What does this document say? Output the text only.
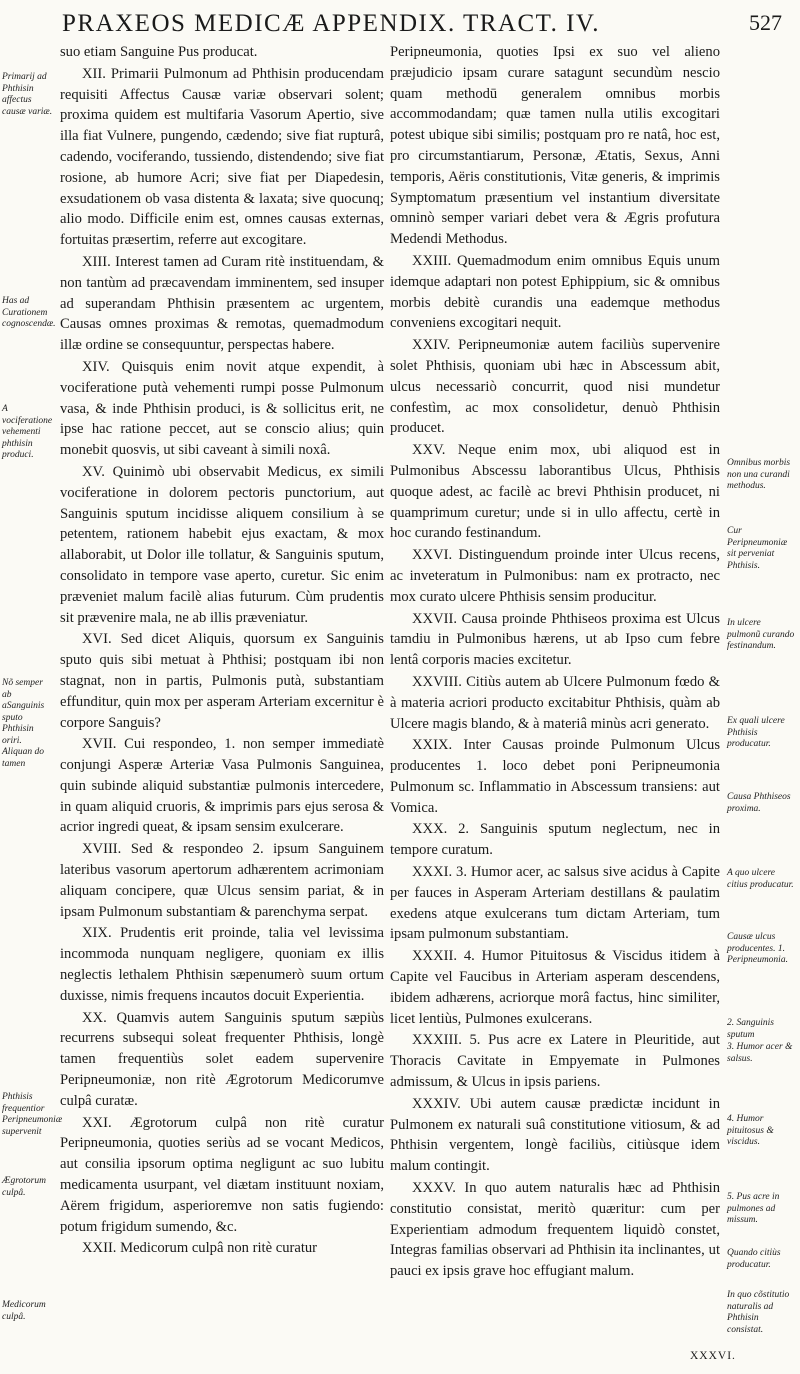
PRAXEOS MEDICÆ APPENDIX. TRACT. IV.	527
Primarij ad Phthisin affectus causæ variæ.
Has ad Curationem cognoscendæ.
A vociferatione vehementi phthisin produci.
Nõ semper ab aSanguinis sputo Phthisin oriri. Aliquan do tamen
Phthisis frequentior Peripneumoniæ supervenit
Ægrotorum culpâ.
Medicorum culpâ.

suo etiam Sanguine Pus producat.

XII. Primarii Pulmonum ad Phthisin producendam requisiti Affectus Causæ variæ observari solent; proxima quidem est multifaria Vasorum Apertio, sive illa fiat Vulnere, pungendo, cædendo; sive fiat rupturâ, cadendo, vociferando, tussiendo, distendendo; sive fiat rosione, ab humore Acri; sive fiat per Diapedesin, exsudationem ob vasa distenta & laxata; sive quocunq; alio modo. Difficile enim est, omnes causas externas, fortuitas præsertim, referre aut excogitare.

XIII. Interest tamen ad Curam ritè instituendam, & non tantùm ad præcavendam imminentem, sed insuper ad superandam Phthisin præsentem ac urgentem, Causas omnes proximas & remotas, quemadmodum illæ ordine se consequuntur, perspectas habere.

XIV. Quisquis enim novit atque expendit, à vociferatione putà vehementi rumpi posse Pulmonum vasa, & inde Phthisin produci, is & sollicitus erit, ne ipse hac ratione peccet, aut se conscio alius; quin monebit quosvis, ut sibi caveant à simili noxâ.

XV. Quinimò ubi observabit Medicus, ex simili vociferatione in dolorem pectoris punctorium, aut Sanguinis sputum incidisse aliquem consilium à se petentem, rationem habebit ejus exactam, & mox allaborabit, ut Dolor ille tollatur, & Sanguinis sputum, consolidato in tempore vase aperto, curetur. Sic enim præveniet malum facilè alias futurum. Cùm prudentis sit prævenire mala, ne ab illis præveniatur.

XVI. Sed dicet Aliquis, quorsum ex Sanguinis sputo quis sibi metuat à Phthisi; postquam ibi non stagnat, non in partis, Pulmonis putà, substantiam effunditur, quin mox per asperam Arteriam excernitur è corpore Sanguis?

XVII. Cui respondeo, 1. non semper immediatè conjungi Asperæ Arteriæ Vasa Pulmonis Sanguinea, quin subinde aliquid substantiæ pulmonis intercedere, in quam aliquid cruoris, & imprimis pars ejus serosa & acrior ingredi queat, & ipsam sensim exulcerare.

XVIII. Sed & respondeo 2. ipsum Sanguinem lateribus vasorum apertorum adhærentem acrimoniam aliquam concipere, quæ Ulcus sensim pariat, & in ipsam Pulmonum substantiam & parenchyma serpat.

XIX. Prudentis erit proinde, talia vel levissima incommoda nunquam negligere, quoniam ex illis neglectis lethalem Phthisin sæpenumerò suum ortum duxisse, nimis frequens incautos docuit Experientia.

XX. Quamvis autem Sanguinis sputum sæpiùs recurrens subsequi soleat frequenter Phthisis, longè tamen frequentiùs solet eadem supervenire Peripneumoniæ, non ritè Ægrotorum Medicorumve culpâ curatæ.

XXI. Ægrotorum culpâ non ritè curatur Peripneumonia, quoties seriùs ad se vocant Medicos, aut consilia ipsorum optima negligunt ac suo lubitu medicamenta usurpant, vel diætam instituunt noxiam, Aërem frigidum, asperioremve non satis fugiendo: potum frigidum sumendo, &c.

XXII. Medicorum culpâ non ritè curatur

Peripneumonia, quoties Ipsi ex suo vel alieno præjudicio ipsam curare satagunt secundùm nescio quam methodū generalem omnibus morbis accommodandam; quæ tamen nulla utilis excogitari potest ubique sibi similis; postquam pro re natâ, hoc est, pro circumstantiarum, Personæ, Ætatis, Sexus, Anni temporis, Aëris constitutionis, Vitæ generis, & imprimis Symptomatum præsentium vel instantium diversitate omninò semper variari debet vera & Ægris profutura Medendi Methodus.

XXIII. Quemadmodum enim omnibus Equis unum idemque adaptari non potest Ephippium, sic & omnibus morbis debitè curandis una eademque methodus conveniens excogitari nequit.

XXIV. Peripneumoniæ autem faciliùs supervenire solet Phthisis, quoniam ubi hæc in Abscessum abit, ulcus necessariò concurrit, quod nisi mundetur confestìm, ac mox consolidetur, denuò Phthisin producet.

XXV. Neque enim mox, ubi aliquod est in Pulmonibus Abscessu laborantibus Ulcus, Phthisis quoque adest, ac facilè ac brevi Phthisin producet, ni quamprimum curetur; unde si in ullo affectu, certè in hoc curando festinandum.

XXVI. Distinguendum proinde inter Ulcus recens, ac inveteratum in Pulmonibus: nam ex protracto, nec mox curato ulcere Phthisis sensim producitur.

XXVII. Causa proinde Phthiseos proxima est Ulcus tamdiu in Pulmonibus hærens, ut ab Ipso cum febre lentâ corporis macies excitetur.

XXVIII. Citiùs autem ab Ulcere Pulmonum fœdo & à materia acriori producto excitabitur Phthisis, quàm ab Ulcere magis blando, & à materiâ minùs acri generato.

XXIX. Inter Causas proinde Pulmonum Ulcus producentes 1. loco debet poni Peripneumonia Pulmonum sc. Inflammatio in Abscessum transiens: aut Vomica.

XXX. 2. Sanguinis sputum neglectum, nec in tempore curatum.

XXXI. 3. Humor acer, ac salsus sive acidus à Capite per fauces in Asperam Arteriam destillans & paulatim exedens atque exulcerans tum dictam Arteriam, tum ipsam pulmonum substantiam.

XXXII. 4. Humor Pituitosus & Viscidus itidem à Capite vel Faucibus in Arteriam asperam descendens, ibidem adhærens, acriorque morâ factus, hinc similiter, licet lentiùs, Pulmones exulcerans.

XXXIII. 5. Pus acre ex Latere in Pleuritide, aut Thoracis Cavitate in Empyemate in Pulmones admissum, & Ulcus in ipsis pariens.

XXXIV. Ubi autem causæ prædictæ incidunt in Pulmonem ex naturali suâ constitutione vitiosum, & ad Phthisin vergentem, longè faciliùs, citiùsque idem malum contingit.

XXXV. In quo autem naturalis hæc ad Phthisin constitutio consistat, meritò quæritur: cum per Experientiam admodum frequentem liquidò constet, Integras familias observari ad Phthisin ita inclinantes, ut pauci ex ipsis grave hoc effugiant malum.

Omnibus morbis non una curandi methodus.
Cur Peripneumoniæ sit perveniat Phthisis.
In ulcere pulmonũ curando festinandum.
Ex quali ulcere Phthisis producatur.
Causa Phthiseos proxima.
A quo ulcere citius producatur.
Causæ ulcus producentes. 1. Peripneumonia.
2. Sanguinis sputum
3. Humor acer & salsus.
4. Humor pituitosus & viscidus.
5. Pus acre in pulmones ad missum.
Quando citiùs producatur.
In quo cõstitutio naturalis ad Phthisin consistat.
XXXVI.
